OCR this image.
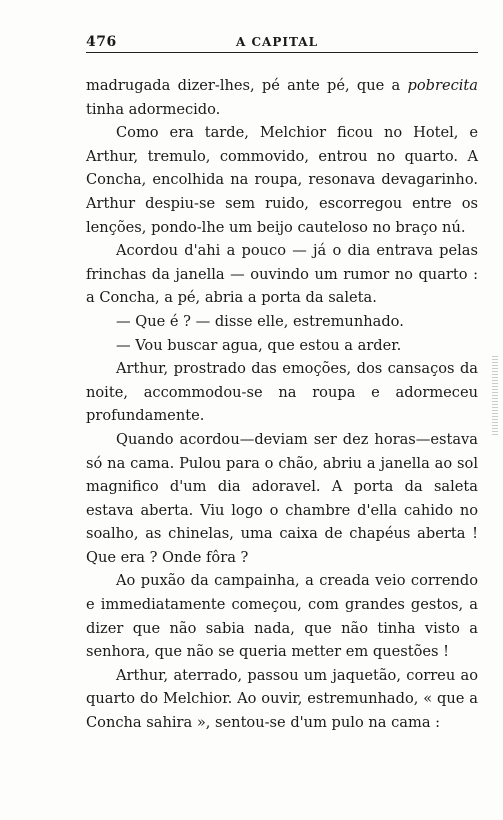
476	A CAPITAL

madrugada dizer-lhes, pé ante pé, que a pobrecita tinha adormecido.

Como era tarde, Melchior ficou no Hotel, e Arthur, tremulo, commovido, entrou no quarto. A Concha, encolhida na roupa, resonava devagarinho. Arthur despiu-se sem ruido, escorregou entre os lenções, pondo-lhe um beijo cauteloso no braço nú.

Acordou d'ahi a pouco — já o dia entrava pelas frinchas da janella — ouvindo um rumor no quarto : a Concha, a pé, abria a porta da saleta.

— Que é ? — disse elle, estremunhado.

— Vou buscar agua, que estou a arder.

Arthur, prostrado das emoções, dos cansaços da noite, accommodou-se na roupa e adormeceu profundamente.

Quando acordou—deviam ser dez horas—estava só na cama. Pulou para o chão, abriu a janella ao sol magnifico d'um dia adoravel. A porta da saleta estava aberta. Viu logo o chambre d'ella cahido no soalho, as chinelas, uma caixa de chapéus aberta ! Que era ? Onde fôra ?

Ao puxão da campainha, a creada veio correndo e immediatamente começou, com grandes gestos, a dizer que não sabia nada, que não tinha visto a senhora, que não se queria metter em questões !

Arthur, aterrado, passou um jaquetão, correu ao quarto do Melchior. Ao ouvir, estremunhado, « que a Concha sahira », sentou-se d'um pulo na cama :
